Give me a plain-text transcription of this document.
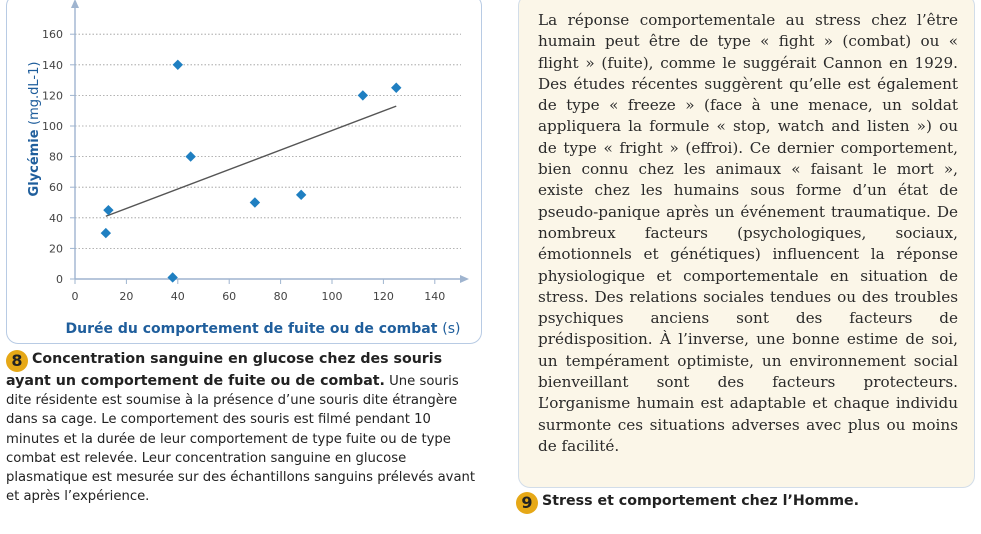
0
20
40
60
80
100
120
140
160
0	20	40	60	80	100	120	140
Durée du comportement de fuite ou de combat (s)
Glycémie (mg.dL-1)
8 Concentration sanguine en glucose chez des souris ayant un comportement de fuite ou de combat. Une souris dite résidente est soumise à la présence d’une souris dite étrangère dans sa cage. Le comportement des souris est filmé pendant 10 minutes et la durée de leur comportement de type fuite ou de type combat est relevée. Leur concentration sanguine en glucose plasmatique est mesurée sur des échantillons sanguins prélevés avant et après l’expérience.

La réponse comportementale au stress chez l’être humain peut être de type « fight » (combat) ou « flight » (fuite), comme le suggérait Cannon en 1929. Des études récentes suggèrent qu’elle est également de type « freeze » (face à une menace, un soldat appliquera la formule « stop, watch and listen ») ou de type « fright » (effroi). Ce dernier comportement, bien connu chez les animaux « faisant le mort », existe chez les humains sous forme d’un état de pseudo-panique après un événement traumatique. De nombreux facteurs (psychologiques, sociaux, émotionnels et génétiques) influencent la réponse physiologique et comportementale en situation de stress. Des relations sociales tendues ou des troubles psychiques anciens sont des facteurs de prédisposition. À l’inverse, une bonne estime de soi, un tempérament optimiste, un environnement social bienveillant sont des facteurs protecteurs. L’organisme humain est adaptable et chaque individu surmonte ces situations adverses avec plus ou moins de facilité.

9 Stress et comportement chez l’Homme.
